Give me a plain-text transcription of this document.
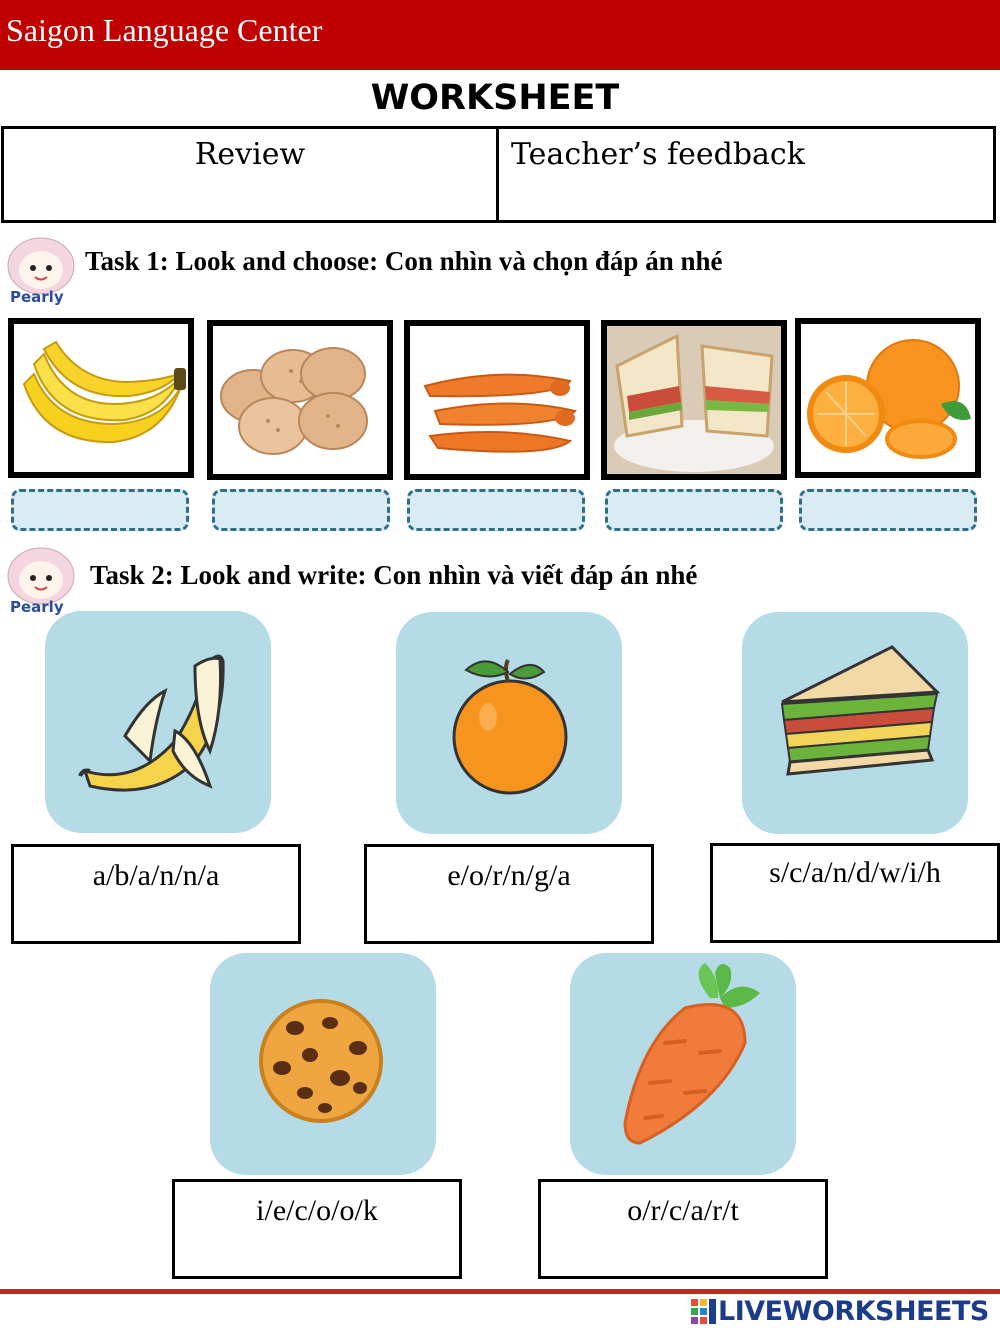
Saigon Language Center
WORKSHEET
Review	Teacher’s feedback
Pearly
Task 1: Look and choose: Con nhìn và chọn đáp án nhé
Pearly
Task 2: Look and write: Con nhìn và viết đáp án nhé
a/b/a/n/n/a	e/o/r/n/g/a	s/c/a/n/d/w/i/h
i/e/c/o/o/k	o/r/c/a/r/t
LIVEWORKSHEETS
